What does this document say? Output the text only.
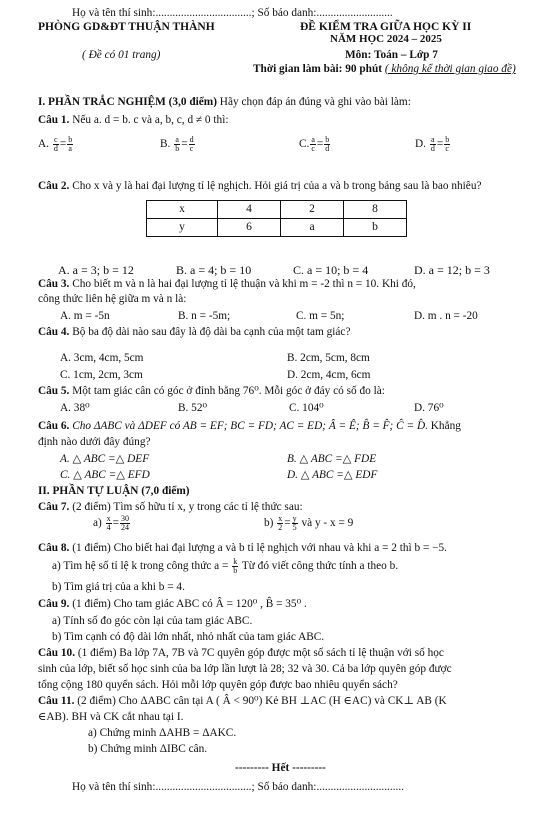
Họ và tên thí sinh:..................................; Số báo danh:...........................
PHÒNG GD&ĐT THUẬN THÀNH	ĐỀ KIỂM TRA GIỮA HỌC KỲ II
NĂM HỌC 2024 – 2025
( Đề có 01 trang)	Môn: Toán – Lớp 7
Thời gian làm bài: 90 phút ( không kể thời gian giao đề)
I. PHẦN TRẮC NGHIỆM (3,0 điểm) Hãy chọn đáp án đúng và ghi vào bài làm:
Câu 1. Nếu a. d = b. c và a, b, c, d ≠ 0 thì:
A. $\frac{c}{d} = \frac{b}{a}$	B. $\frac{a}{b} = \frac{d}{c}$	C. $\frac{a}{c} = \frac{b}{d}$	D. $\frac{a}{d} = \frac{b}{c}$
Câu 2. Cho x và y là hai đại lượng tỉ lệ nghịch. Hỏi giá trị của a và b trong bảng sau là bao nhiêu?
x	4	2	8
y	6	a	b
A. a = 3; b = 12	B. a = 4; b = 10	C. a = 10; b = 4	D. a = 12; b = 3
Câu 3. Cho biết m và n là hai đại lượng tỉ lệ thuận và khi m = -2 thì n = 10. Khi đó,
công thức liên hệ giữa m và n là:
A. m = -5n	B. n = -5m;	C. m = 5n;	D. m . n = -20
Câu 4. Bộ ba độ dài nào sau đây là độ dài ba cạnh của một tam giác?
A. 3cm, 4cm, 5cm	B. 2cm, 5cm, 8cm
C. 1cm, 2cm, 3cm	D. 2cm, 4cm, 6cm
Câu 5. Một tam giác cân có góc ở đỉnh bằng 76⁰. Mỗi góc ở đáy có số đo là:
A. 38⁰	B. 52⁰	C. 104⁰	D. 76⁰
Câu 6. Cho ΔABC và ΔDEF có AB = EF; BC = FD; AC = ED; Â = Ê; B̂ = F̂; Ĉ = D̂. Khẳng
định nào dưới đây đúng?
A. △ ABC =△ DEF	B. △ ABC =△ FDE
C. △ ABC =△ EFD	D. △ ABC =△ EDF
II. PHẦN TỰ LUẬN (7,0 điểm)
Câu 7. (2 điểm) Tìm số hữu tỉ x, y trong các tỉ lệ thức sau:
$a) \frac{x}{4} = \frac{30}{24}$	$b) \frac{x}{2} = \frac{y}{5}$ và y - x = 9
Câu 8. (1 điểm) Cho biết hai đại lượng a và b tỉ lệ nghịch với nhau và khi a = 2 thì b = −5.
a) Tìm hệ số tỉ lệ k trong công thức $a = \frac{k}{b}$ Từ đó viết công thức tính a theo b.
b) Tìm giá trị của a khi b = 4.
Câu 9. (1 điểm) Cho tam giác ABC có Â = 120⁰ , B̂ = 35⁰ .
a) Tính số đo góc còn lại của tam giác ABC.
b) Tìm cạnh có độ dài lớn nhất, nhỏ nhất của tam giác ABC.
Câu 10. (1 điểm) Ba lớp 7A, 7B và 7C quyên góp được một số sách tỉ lệ thuận với số học
sinh của lớp, biết số học sinh của ba lớp lần lượt là 28; 32 và 30. Cả ba lớp quyên góp được
tổng cộng 180 quyển sách. Hỏi mỗi lớp quyên góp được bao nhiêu quyển sách?
Câu 11. (2 điểm) Cho ΔABC cân tại A ( Â < 90⁰) Kẻ BH ⊥AC (H ∈AC) và CK⊥ AB (K
∈AB). BH và CK cắt nhau tại I.
a) Chứng minh ΔAHB = ΔAKC.
b) Chứng minh ΔIBC cân.
--------- Hết ---------
Họ và tên thí sinh:..................................; Số báo danh:...............................
